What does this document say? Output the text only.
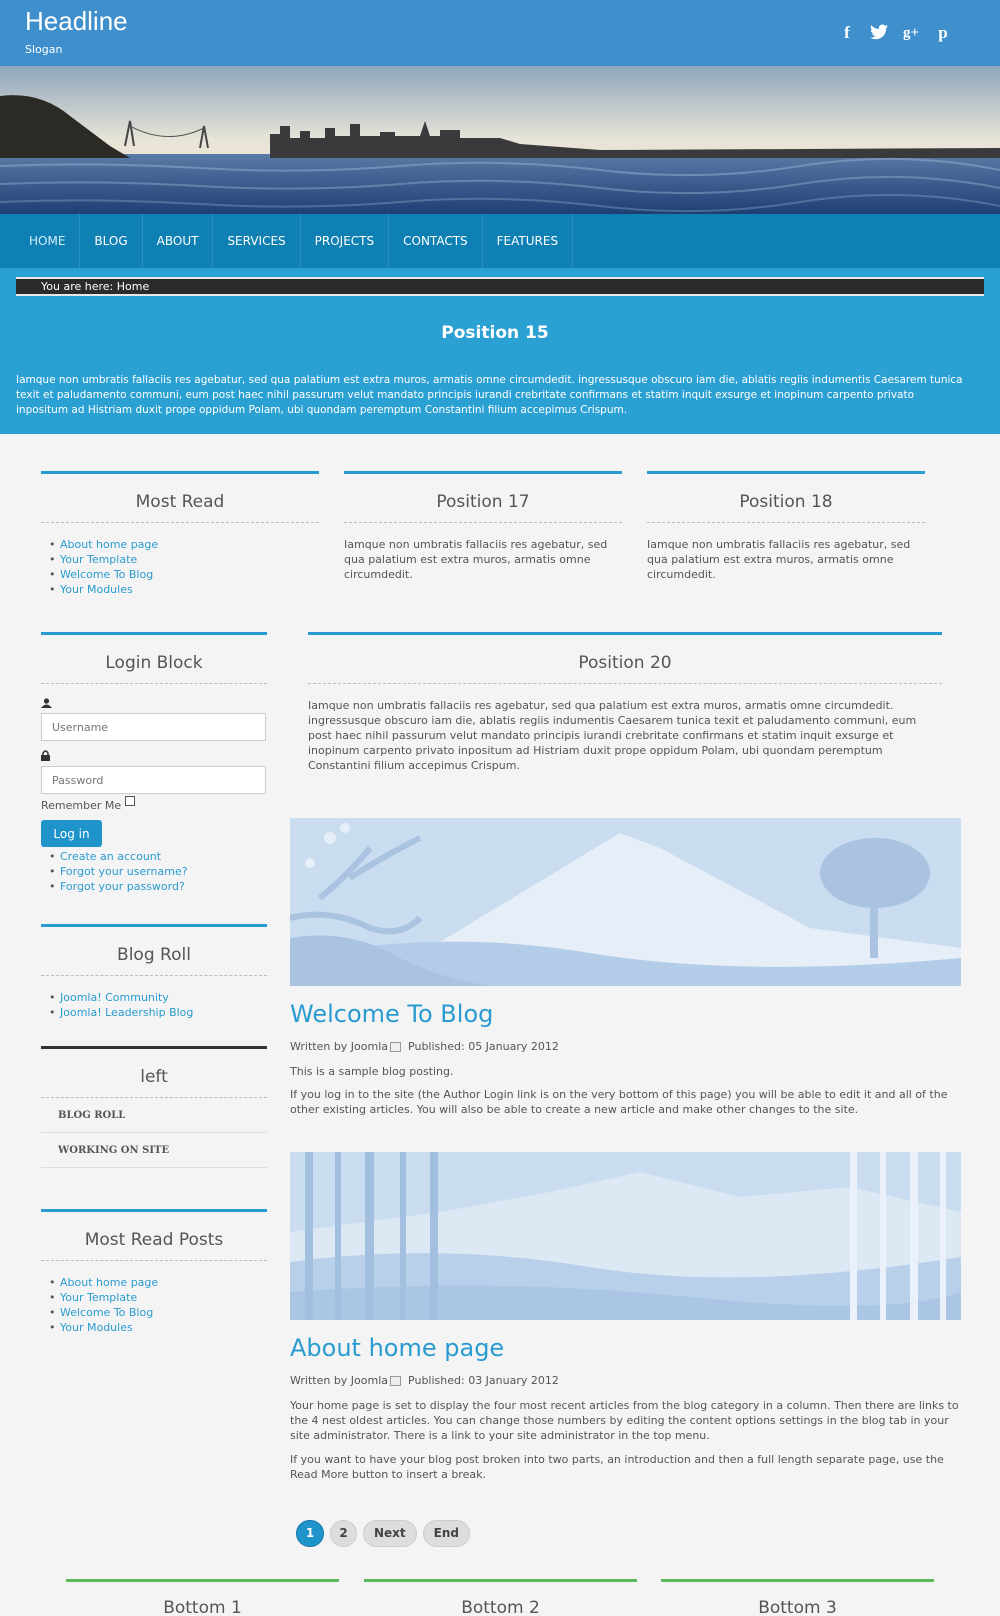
Headline
Slogan
f	g+ p
HOME	BLOG	ABOUT	SERVICES	PROJECTS	CONTACTS	FEATURES
You are here: Home
Position 15
Iamque non umbratis fallaciis res agebatur, sed qua palatium est extra muros, armatis omne circumdedit. ingressusque obscuro iam die, ablatis regiis indumentis Caesarem tunica texit et paludamento communi, eum post haec nihil passurum velut mandato principis iurandi crebritate confirmans et statim inquit exsurge et inopinum carpento privato inpositum ad Histriam duxit prope oppidum Polam, ubi quondam peremptum Constantini filium accepimus Crispum.
Most Read
• About home page
• Your Template
• Welcome To Blog
• Your Modules
Position 17
Iamque non umbratis fallaciis res agebatur, sed qua palatium est extra muros, armatis omne circumdedit.
Position 18
Iamque non umbratis fallaciis res agebatur, sed qua palatium est extra muros, armatis omne circumdedit.
Login Block
Username
Remember Me
Log in
• Create an account
• Forgot your username?
• Forgot your password?
Position 20
Iamque non umbratis fallaciis res agebatur, sed qua palatium est extra muros, armatis omne circumdedit. ingressusque obscuro iam die, ablatis regiis indumentis Caesarem tunica texit et paludamento communi, eum post haec nihil passurum velut mandato principis iurandi crebritate confirmans et statim inquit exsurge et inopinum carpento privato inpositum ad Histriam duxit prope oppidum Polam, ubi quondam peremptum Constantini filium accepimus Crispum.
Blog Roll
• Joomla! Community
• Joomla! Leadership Blog
left
BLOG ROLL
WORKING ON SITE
Most Read Posts
• About home page
• Your Template
• Welcome To Blog
• Your Modules
Welcome To Blog
Written by Joomla Published: 05 January 2012
This is a sample blog posting.
If you log in to the site (the Author Login link is on the very bottom of this page) you will be able to edit it and all of the other existing articles. You will also be able to create a new article and make other changes to the site.
About home page
Written by Joomla Published: 03 January 2012
Your home page is set to display the four most recent articles from the blog category in a column. Then there are links to the 4 nest oldest articles. You can change those numbers by editing the content options settings in the blog tab in your site administrator. There is a link to your site administrator in the top menu.
If you want to have your blog post broken into two parts, an introduction and then a full length separate page, use the Read More button to insert a break.
1	2	Next	End
Bottom 1	Bottom 2	Bottom 3
